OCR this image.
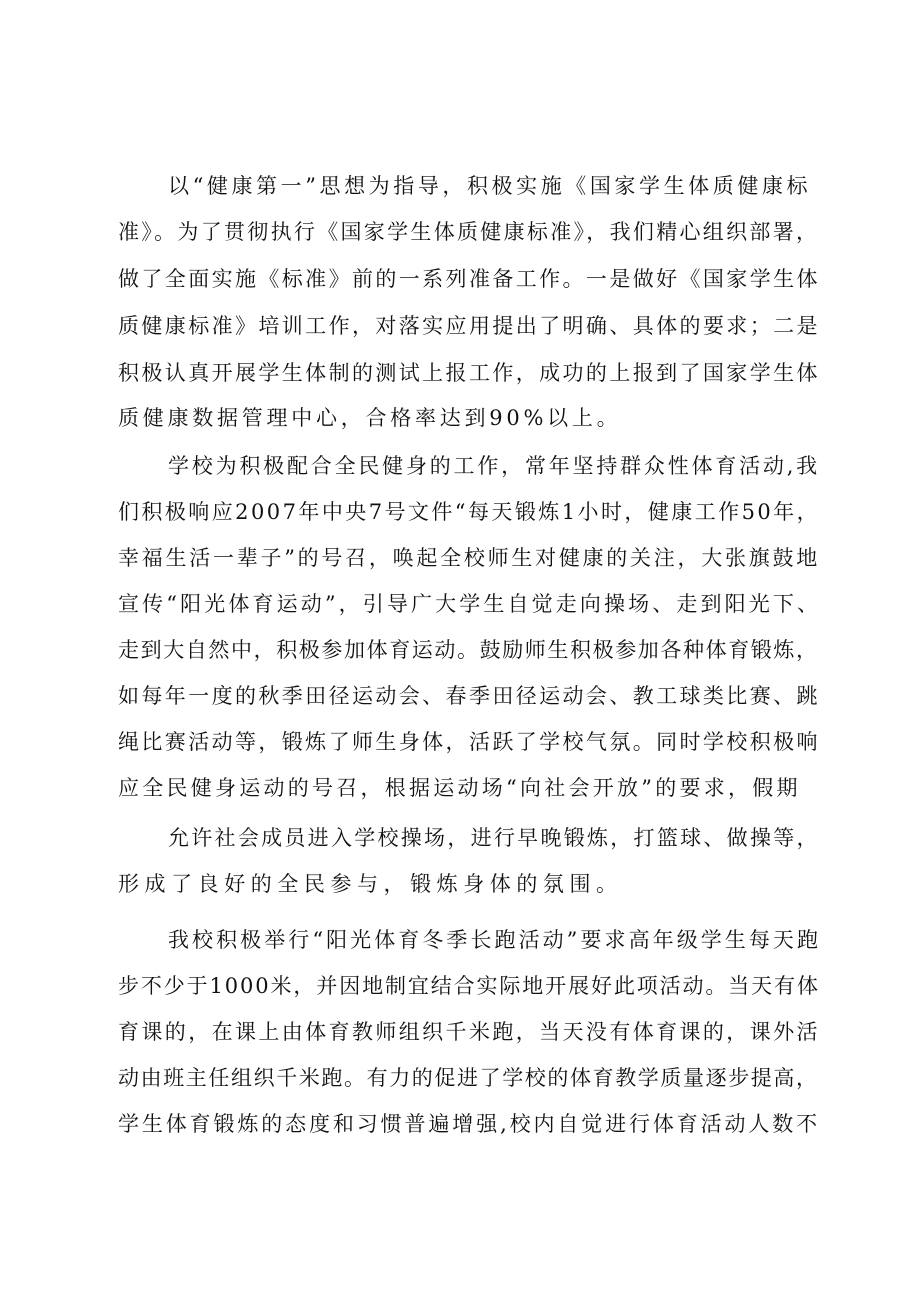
以“健康第一”思想为指导，积极实施《国家学生体质健康标
准》。为了贯彻执行《国家学生体质健康标准》，我们精心组织部署，
做了全面实施《标准》前的一系列准备工作。一是做好《国家学生体
质健康标准》培训工作，对落实应用提出了明确、具体的要求；二是
积极认真开展学生体制的测试上报工作，成功的上报到了国家学生体
质健康数据管理中心，合格率达到90%以上。
学校为积极配合全民健身的工作，常年坚持群众性体育活动,我
们积极响应2007年中央7号文件“每天锻炼1小时，健康工作50年，
幸福生活一辈子”的号召，唤起全校师生对健康的关注，大张旗鼓地
宣传“阳光体育运动”，引导广大学生自觉走向操场、走到阳光下、
走到大自然中，积极参加体育运动。鼓励师生积极参加各种体育锻炼，
如每年一度的秋季田径运动会、春季田径运动会、教工球类比赛、跳
绳比赛活动等，锻炼了师生身体，活跃了学校气氛。同时学校积极响
应全民健身运动的号召，根据运动场“向社会开放”的要求，假期
允许社会成员进入学校操场，进行早晚锻炼，打篮球、做操等，
形成了良好的全民参与，锻炼身体的氛围。
我校积极举行“阳光体育冬季长跑活动”要求高年级学生每天跑
步不少于1000米，并因地制宜结合实际地开展好此项活动。当天有体
育课的，在课上由体育教师组织千米跑，当天没有体育课的，课外活
动由班主任组织千米跑。有力的促进了学校的体育教学质量逐步提高，
学生体育锻炼的态度和习惯普遍增强,校内自觉进行体育活动人数不
